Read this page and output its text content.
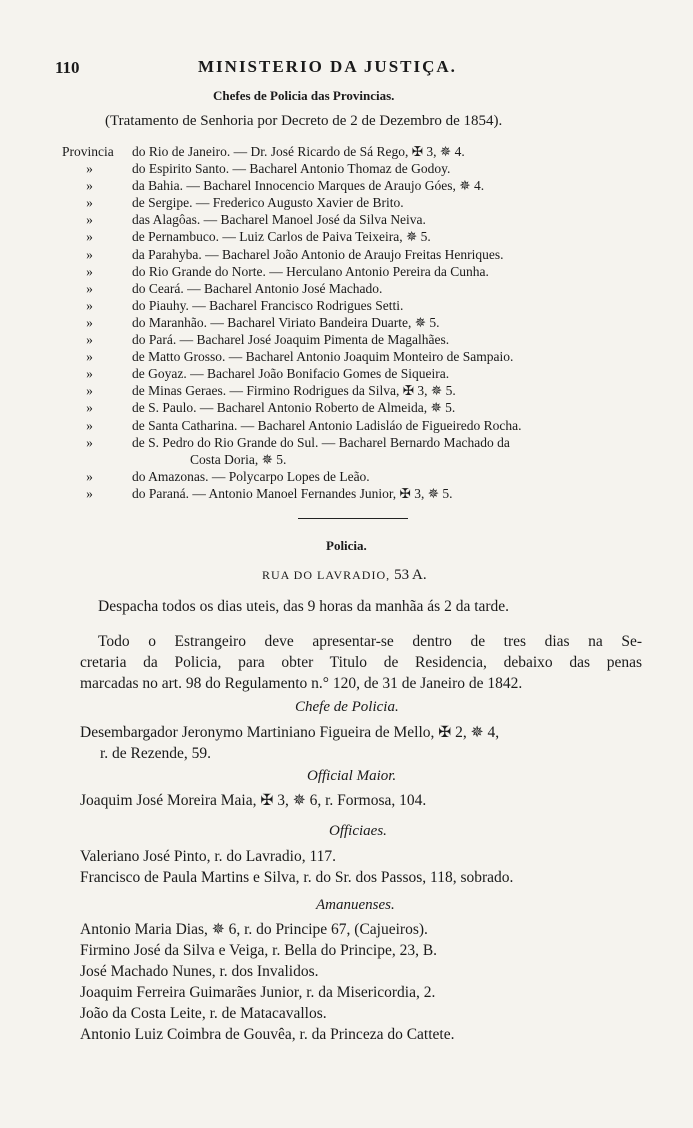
110	MINISTERIO DA JUSTIÇA.
Chefes de Policia das Provincias.
(Tratamento de Senhoria por Decreto de 2 de Dezembro de 1854).
Provincia	do Rio de Janeiro. — Dr. José Ricardo de Sá Rego, ✠ 3, ✵ 4.
»	do Espirito Santo. — Bacharel Antonio Thomaz de Godoy.
»	da Bahia. — Bacharel Innocencio Marques de Araujo Góes, ✵ 4.
»	de Sergipe. — Frederico Augusto Xavier de Brito.
»	das Alagôas. — Bacharel Manoel José da Silva Neiva.
»	de Pernambuco. — Luiz Carlos de Paiva Teixeira, ✵ 5.
»	da Parahyba. — Bacharel João Antonio de Araujo Freitas Henriques.
»	do Rio Grande do Norte. — Herculano Antonio Pereira da Cunha.
»	do Ceará. — Bacharel Antonio José Machado.
»	do Piauhy. — Bacharel Francisco Rodrigues Setti.
»	do Maranhão. — Bacharel Viriato Bandeira Duarte, ✵ 5.
»	do Pará. — Bacharel José Joaquim Pimenta de Magalhães.
»	de Matto Grosso. — Bacharel Antonio Joaquim Monteiro de Sampaio.
»	de Goyaz. — Bacharel João Bonifacio Gomes de Siqueira.
»	de Minas Geraes. — Firmino Rodrigues da Silva, ✠ 3, ✵ 5.
»	de S. Paulo. — Bacharel Antonio Roberto de Almeida, ✵ 5.
»	de Santa Catharina. — Bacharel Antonio Ladisláo de Figueiredo Rocha.
»	de S. Pedro do Rio Grande do Sul. — Bacharel Bernardo Machado da
Costa Doria, ✵ 5.
»	do Amazonas. — Polycarpo Lopes de Leão.
»	do Paraná. — Antonio Manoel Fernandes Junior, ✠ 3, ✵ 5.
Policia.
RUA DO LAVRADIO, 53 A.
Despacha todos os dias uteis, das 9 horas da manhãa ás 2 da tarde.
Todo o Estrangeiro deve apresentar-se dentro de tres dias na Se-
cretaria da Policia, para obter Titulo de Residencia, debaixo das penas
marcadas no art. 98 do Regulamento n.° 120, de 31 de Janeiro de 1842.
Chefe de Policia.
Desembargador Jeronymo Martiniano Figueira de Mello, ✠ 2, ✵ 4,
r. de Rezende, 59.
Official Maior.
Joaquim José Moreira Maia, ✠ 3, ✵ 6, r. Formosa, 104.
Officiaes.
Valeriano José Pinto, r. do Lavradio, 117.
Francisco de Paula Martins e Silva, r. do Sr. dos Passos, 118, sobrado.
Amanuenses.
Antonio Maria Dias, ✵ 6, r. do Principe 67, (Cajueiros).
Firmino José da Silva e Veiga, r. Bella do Principe, 23, B.
José Machado Nunes, r. dos Invalidos.
Joaquim Ferreira Guimarães Junior, r. da Misericordia, 2.
João da Costa Leite, r. de Matacavallos.
Antonio Luiz Coimbra de Gouvêa, r. da Princeza do Cattete.
